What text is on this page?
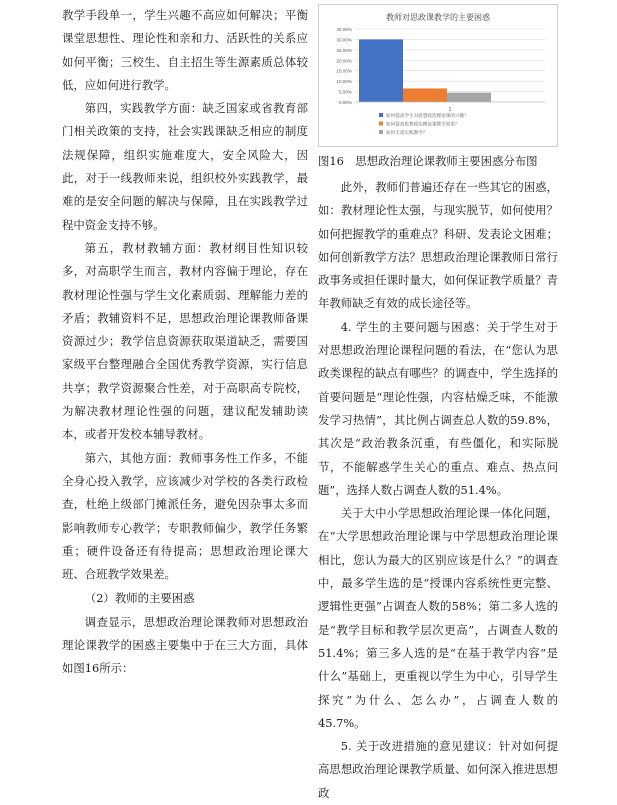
教学手段单一，学生兴趣不高应如何解决；平衡课堂思想性、理论性和亲和力、活跃性的关系应如何平衡；三校生、自主招生等生源素质总体较低，应如何进行教学。

第四，实践教学方面：缺乏国家或省教育部门相关政策的支持，社会实践课缺乏相应的制度法规保障，组织实施难度大，安全风险大，因此，对于一线教师来说，组织校外实践教学，最难的是安全问题的解决与保障，且在实践教学过程中资金支持不够。

第五，教材教辅方面：教材纲目性知识较多，对高职学生而言，教材内容偏于理论，存在教材理论性强与学生文化素质弱、理解能力差的矛盾；教辅资料不足，思想政治理论课教师备课资源过少；教学信息资源获取渠道缺乏，需要国家级平台整理融合全国优秀教学资源，实行信息共享；教学资源聚合性差，对于高职高专院校，为解决教材理论性强的问题，建议配发辅助读本，或者开发校本辅导教材。

第六，其他方面：教师事务性工作多，不能全身心投入教学，应该减少对学校的各类行政检查，杜绝上级部门摊派任务，避免因杂事太多而影响教师专心教学；专职教师偏少，教学任务繁重；硬件设备还有待提高；思想政治理论课大班、合班教学效果差。

（2）教师的主要困惑

调查显示，思想政治理论课教师对思想政治理论课教学的困惑主要集中于在三大方面，具体如图16所示：

教师对思政课教学的主要困惑
35.00%
30.00%
25.00%
20.00%
15.00%
10.00%
5.00%
0.00%
1
如何提高学生对思想政治理论课的兴趣？
如何提高思想政治理论课教学效果？
如何丰富实践教学？
图16　思想政治理论课教师主要困惑分布图

此外，教师们普遍还存在一些其它的困惑，如：教材理论性太强，与现实脱节，如何使用？如何把握教学的重难点？科研、发表论文困难；如何创新教学方法？思想政治理论课教师日常行政事务或担任课时量大，如何保证教学质量？青年教师缺乏有效的成长途径等。

4. 学生的主要问题与困惑：关于学生对于对思想政治理论课程问题的看法，在“您认为思政类课程的缺点有哪些？的调查中，学生选择的首要问题是“理论性强，内容枯燥乏味，不能激发学习热情”，其比例占调查总人数的59.8%，其次是“政治教条沉重，有些僵化，和实际脱节，不能解惑学生关心的重点、难点、热点问题”，选择人数占调查人数的51.4%。

关于大中小学思想政治理论课一体化问题，在“大学思想政治理论课与中学思想政治理论课相比，您认为最大的区别应该是什么？”的调查中，最多学生选的是“授课内容系统性更完整、逻辑性更强”占调查人数的58%；第二多人选的是“教学目标和教学层次更高”，占调查人数的51.4%；第三多人选的是“在基于教学内容“是什么”基础上，更重视以学生为中心，引导学生探究“为什么、怎么办”，占调查人数的45.7%。

5. 关于改进措施的意见建议：针对如何提高思想政治理论课教学质量、如何深入推进思想政
